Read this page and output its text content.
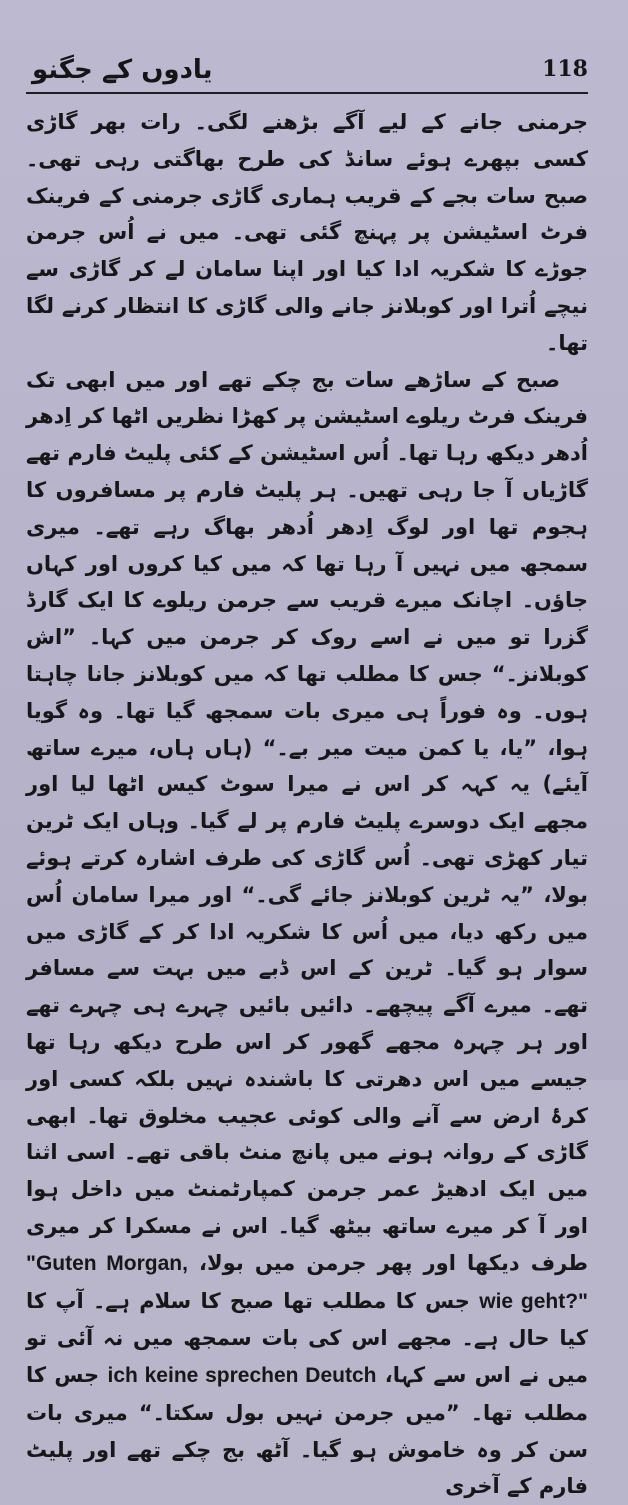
یادوں کے جگنو	118

جرمنی جانے کے لیے آگے بڑھنے لگی۔ رات بھر گاڑی کسی بپھرے ہوئے سانڈ کی طرح بھاگتی رہی تھی۔ صبح سات بجے کے قریب ہماری گاڑی جرمنی کے فرینک فرٹ اسٹیشن پر پہنچ گئی تھی۔ میں نے اُس جرمن جوڑے کا شکریہ ادا کیا اور اپنا سامان لے کر گاڑی سے نیچے اُترا اور کوبلانز جانے والی گاڑی کا انتظار کرنے لگا تھا۔

صبح کے ساڑھے سات بج چکے تھے اور میں ابھی تک فرینک فرٹ ریلوے اسٹیشن پر کھڑا نظریں اٹھا کر اِدھر اُدھر دیکھ رہا تھا۔ اُس اسٹیشن کے کئی پلیٹ فارم تھے گاڑیاں آ جا رہی تھیں۔ ہر پلیٹ فارم پر مسافروں کا ہجوم تھا اور لوگ اِدھر اُدھر بھاگ رہے تھے۔ میری سمجھ میں نہیں آ رہا تھا کہ میں کیا کروں اور کہاں جاؤں۔ اچانک میرے قریب سے جرمن ریلوے کا ایک گارڈ گزرا تو میں نے اسے روک کر جرمن میں کہا۔ ”اش کوبلانز۔“ جس کا مطلب تھا کہ میں کوبلانز جانا چاہتا ہوں۔ وہ فوراً ہی میری بات سمجھ گیا تھا۔ وہ گویا ہوا، ”یا، یا کمن میت میر بے۔“ (ہاں ہاں، میرے ساتھ آیئے) یہ کہہ کر اس نے میرا سوٹ کیس اٹھا لیا اور مجھے ایک دوسرے پلیٹ فارم پر لے گیا۔ وہاں ایک ٹرین تیار کھڑی تھی۔ اُس گاڑی کی طرف اشارہ کرتے ہوئے بولا، ”یہ ٹرین کوبلانز جائے گی۔“ اور میرا سامان اُس میں رکھ دیا، میں اُس کا شکریہ ادا کر کے گاڑی میں سوار ہو گیا۔ ٹرین کے اس ڈبے میں بہت سے مسافر تھے۔ میرے آگے پیچھے۔ دائیں بائیں چہرے ہی چہرے تھے اور ہر چہرہ مجھے گھور کر اس طرح دیکھ رہا تھا جیسے میں اس دھرتی کا باشندہ نہیں بلکہ کسی اور کرۂ ارض سے آنے والی کوئی عجیب مخلوق تھا۔ ابھی گاڑی کے روانہ ہونے میں پانچ منٹ باقی تھے۔ اسی اثنا میں ایک ادھیڑ عمر جرمن کمپارٹمنٹ میں داخل ہوا اور آ کر میرے ساتھ بیٹھ گیا۔ اس نے مسکرا کر میری طرف دیکھا اور پھر جرمن میں بولا، "Guten Morgan, wie geht?" جس کا مطلب تھا صبح کا سلام ہے۔ آپ کا کیا حال ہے۔ مجھے اس کی بات سمجھ میں نہ آئی تو میں نے اس سے کہا، ich keine sprechen Deutch جس کا مطلب تھا۔ ”میں جرمن نہیں بول سکتا۔“ میری بات سن کر وہ خاموش ہو گیا۔ آٹھ بج چکے تھے اور پلیٹ فارم کے آخری
